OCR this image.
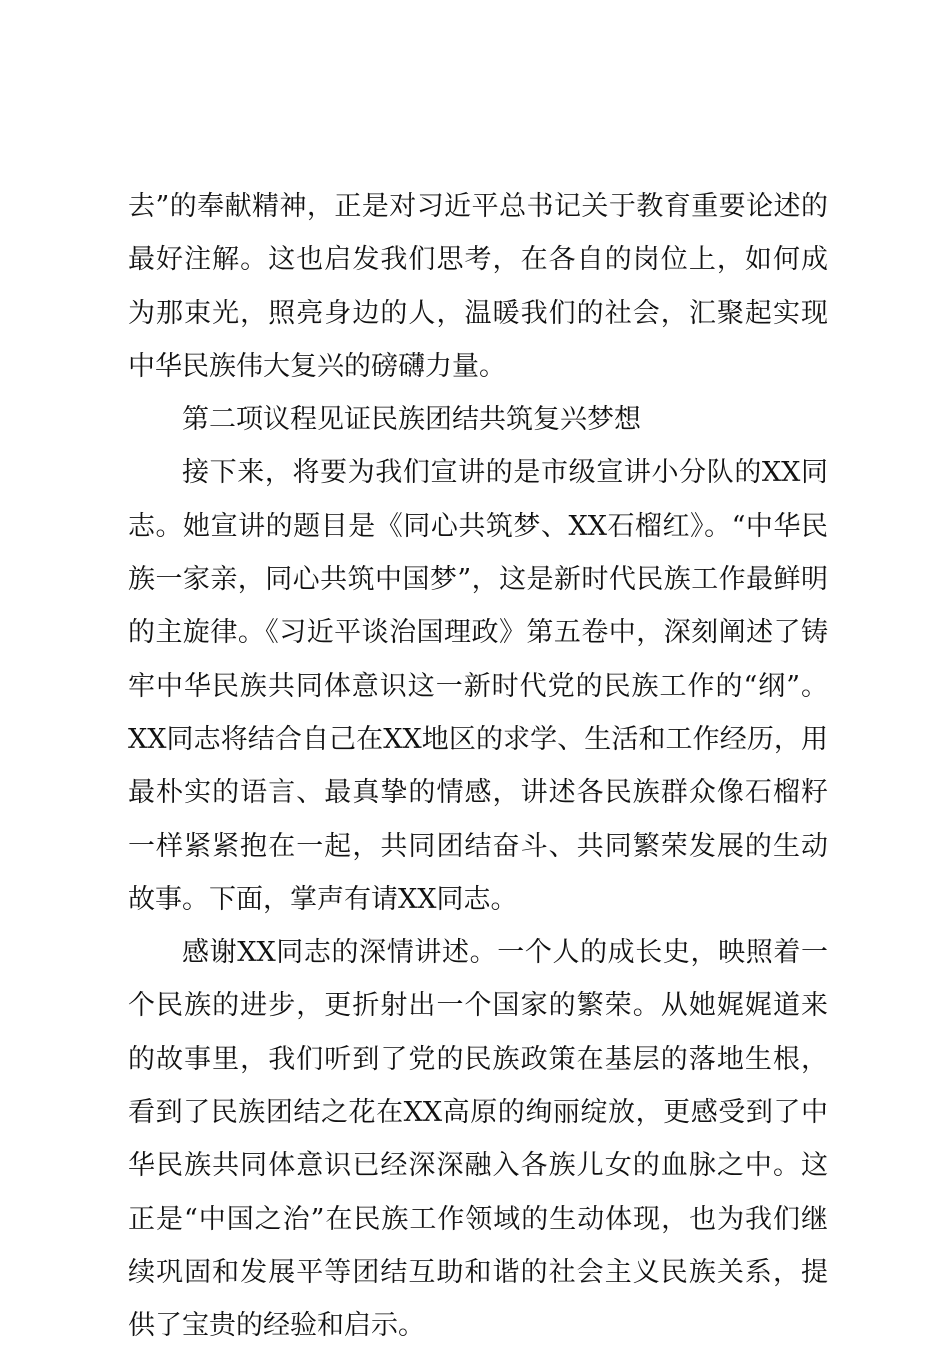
去”的奉献精神，正是对习近平总书记关于教育重要论述的最好注解。这也启发我们思考，在各自的岗位上，如何成为那束光，照亮身边的人，温暖我们的社会，汇聚起实现中华民族伟大复兴的磅礴力量。

第二项议程见证民族团结共筑复兴梦想

接下来，将要为我们宣讲的是市级宣讲小分队的XX同志。她宣讲的题目是《同心共筑梦、XX石榴红》。“中华民族一家亲，同心共筑中国梦”，这是新时代民族工作最鲜明的主旋律。《习近平谈治国理政》第五卷中，深刻阐述了铸牢中华民族共同体意识这一新时代党的民族工作的“纲”。XX同志将结合自己在XX地区的求学、生活和工作经历，用最朴实的语言、最真挚的情感，讲述各民族群众像石榴籽一样紧紧抱在一起，共同团结奋斗、共同繁荣发展的生动故事。下面，掌声有请XX同志。

感谢XX同志的深情讲述。一个人的成长史，映照着一个民族的进步，更折射出一个国家的繁荣。从她娓娓道来的故事里，我们听到了党的民族政策在基层的落地生根，看到了民族团结之花在XX高原的绚丽绽放，更感受到了中华民族共同体意识已经深深融入各族儿女的血脉之中。这正是“中国之治”在民族工作领域的生动体现，也为我们继续巩固和发展平等团结互助和谐的社会主义民族关系，提供了宝贵的经验和启示。
